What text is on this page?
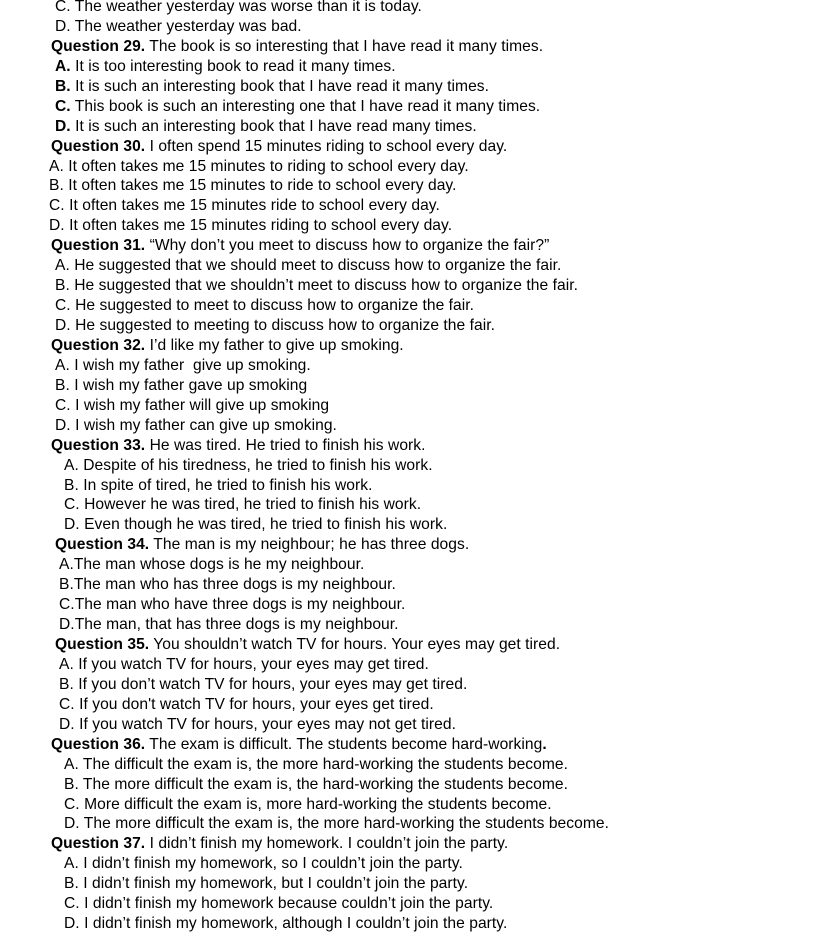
C. The weather yesterday was worse than it is today.
D. The weather yesterday was bad.
Question 29. The book is so interesting that I have read it many times.
A. It is too interesting book to read it many times.
B. It is such an interesting book that I have read it many times.
C. This book is such an interesting one that I have read it many times.
D. It is such an interesting book that I have read many times.
Question 30. I often spend 15 minutes riding to school every day.
A. It often takes me 15 minutes to riding to school every day.
B. It often takes me 15 minutes to ride to school every day.
C. It often takes me 15 minutes ride to school every day.
D. It often takes me 15 minutes riding to school every day.
Question 31. “Why don’t you meet to discuss how to organize the fair?”
A. He suggested that we should meet to discuss how to organize the fair.
B. He suggested that we shouldn’t meet to discuss how to organize the fair.
C. He suggested to meet to discuss how to organize the fair.
D. He suggested to meeting to discuss how to organize the fair.
Question 32. I’d like my father to give up smoking.
A. I wish my father  give up smoking.
B. I wish my father gave up smoking
C. I wish my father will give up smoking
D. I wish my father can give up smoking.
Question 33. He was tired. He tried to finish his work.
A. Despite of his tiredness, he tried to finish his work.
B. In spite of tired, he tried to finish his work.
C. However he was tired, he tried to finish his work.
D. Even though he was tired, he tried to finish his work.
Question 34. The man is my neighbour; he has three dogs.
A.The man whose dogs is he my neighbour.
B.The man who has three dogs is my neighbour.
C.The man who have three dogs is my neighbour.
D.The man, that has three dogs is my neighbour.
Question 35. You shouldn’t watch TV for hours. Your eyes may get tired.
A. If you watch TV for hours, your eyes may get tired.
B. If you don’t watch TV for hours, your eyes may get tired.
C. If you don't watch TV for hours, your eyes get tired.
D. If you watch TV for hours, your eyes may not get tired.
Question 36. The exam is difficult. The students become hard-working.
A. The difficult the exam is, the more hard-working the students become.
B. The more difficult the exam is, the hard-working the students become.
C. More difficult the exam is, more hard-working the students become.
D. The more difficult the exam is, the more hard-working the students become.
Question 37. I didn’t finish my homework. I couldn’t join the party.
A. I didn’t finish my homework, so I couldn’t join the party.
B. I didn’t finish my homework, but I couldn’t join the party.
C. I didn’t finish my homework because couldn’t join the party.
D. I didn’t finish my homework, although I couldn’t join the party.
